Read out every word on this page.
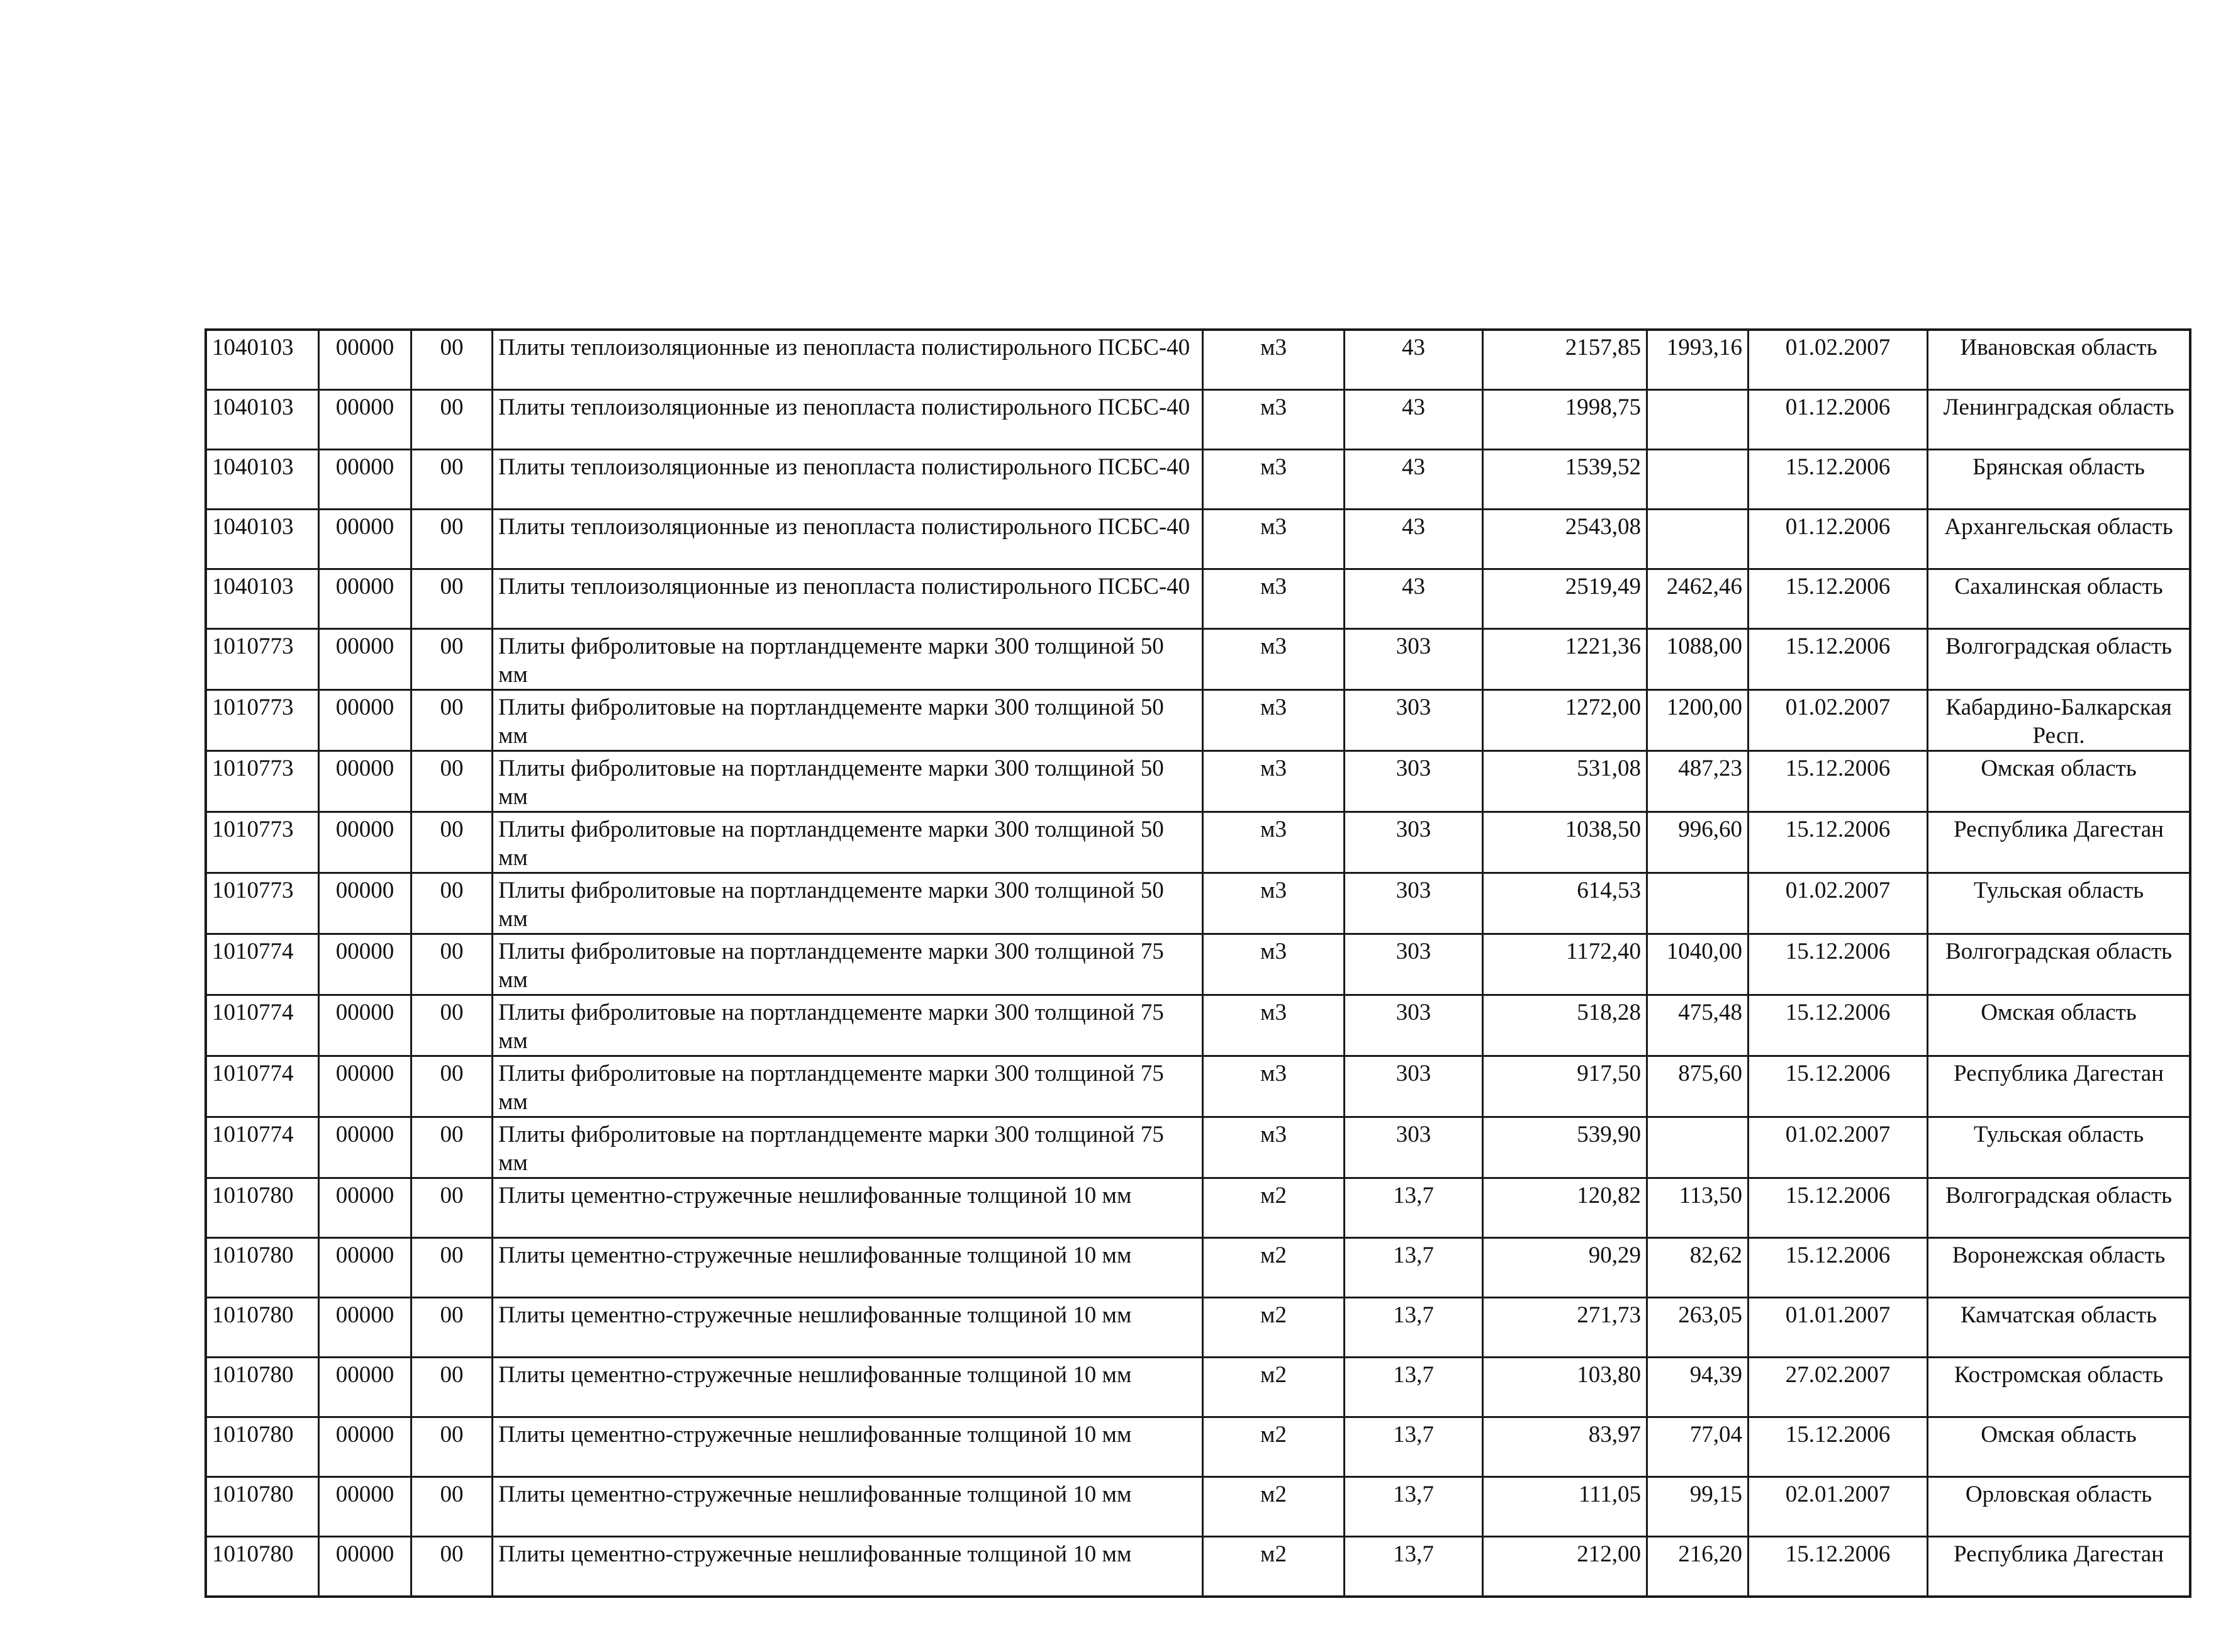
1040103	00000	00	Плиты теплоизоляционные из пенопласта полистирольного ПСБС-40	м3	43	2157,85	1993,16	01.02.2007	Ивановская область
1040103	00000	00	Плиты теплоизоляционные из пенопласта полистирольного ПСБС-40	м3	43	1998,75		01.12.2006	Ленинградская область
1040103	00000	00	Плиты теплоизоляционные из пенопласта полистирольного ПСБС-40	м3	43	1539,52		15.12.2006	Брянская область
1040103	00000	00	Плиты теплоизоляционные из пенопласта полистирольного ПСБС-40	м3	43	2543,08		01.12.2006	Архангельская область
1040103	00000	00	Плиты теплоизоляционные из пенопласта полистирольного ПСБС-40	м3	43	2519,49	2462,46	15.12.2006	Сахалинская область
1010773	00000	00	Плиты фибролитовые на портландцементе марки 300 толщиной 50 мм	м3	303	1221,36	1088,00	15.12.2006	Волгоградская область
1010773	00000	00	Плиты фибролитовые на портландцементе марки 300 толщиной 50 мм	м3	303	1272,00	1200,00	01.02.2007	Кабардино-Балкарская Респ.
1010773	00000	00	Плиты фибролитовые на портландцементе марки 300 толщиной 50 мм	м3	303	531,08	487,23	15.12.2006	Омская область
1010773	00000	00	Плиты фибролитовые на портландцементе марки 300 толщиной 50 мм	м3	303	1038,50	996,60	15.12.2006	Республика Дагестан
1010773	00000	00	Плиты фибролитовые на портландцементе марки 300 толщиной 50 мм	м3	303	614,53		01.02.2007	Тульская область
1010774	00000	00	Плиты фибролитовые на портландцементе марки 300 толщиной 75 мм	м3	303	1172,40	1040,00	15.12.2006	Волгоградская область
1010774	00000	00	Плиты фибролитовые на портландцементе марки 300 толщиной 75 мм	м3	303	518,28	475,48	15.12.2006	Омская область
1010774	00000	00	Плиты фибролитовые на портландцементе марки 300 толщиной 75 мм	м3	303	917,50	875,60	15.12.2006	Республика Дагестан
1010774	00000	00	Плиты фибролитовые на портландцементе марки 300 толщиной 75 мм	м3	303	539,90		01.02.2007	Тульская область
1010780	00000	00	Плиты цементно-стружечные нешлифованные толщиной 10 мм	м2	13,7	120,82	113,50	15.12.2006	Волгоградская область
1010780	00000	00	Плиты цементно-стружечные нешлифованные толщиной 10 мм	м2	13,7	90,29	82,62	15.12.2006	Воронежская область
1010780	00000	00	Плиты цементно-стружечные нешлифованные толщиной 10 мм	м2	13,7	271,73	263,05	01.01.2007	Камчатская область
1010780	00000	00	Плиты цементно-стружечные нешлифованные толщиной 10 мм	м2	13,7	103,80	94,39	27.02.2007	Костромская область
1010780	00000	00	Плиты цементно-стружечные нешлифованные толщиной 10 мм	м2	13,7	83,97	77,04	15.12.2006	Омская область
1010780	00000	00	Плиты цементно-стружечные нешлифованные толщиной 10 мм	м2	13,7	111,05	99,15	02.01.2007	Орловская область
1010780	00000	00	Плиты цементно-стружечные нешлифованные толщиной 10 мм	м2	13,7	212,00	216,20	15.12.2006	Республика Дагестан
